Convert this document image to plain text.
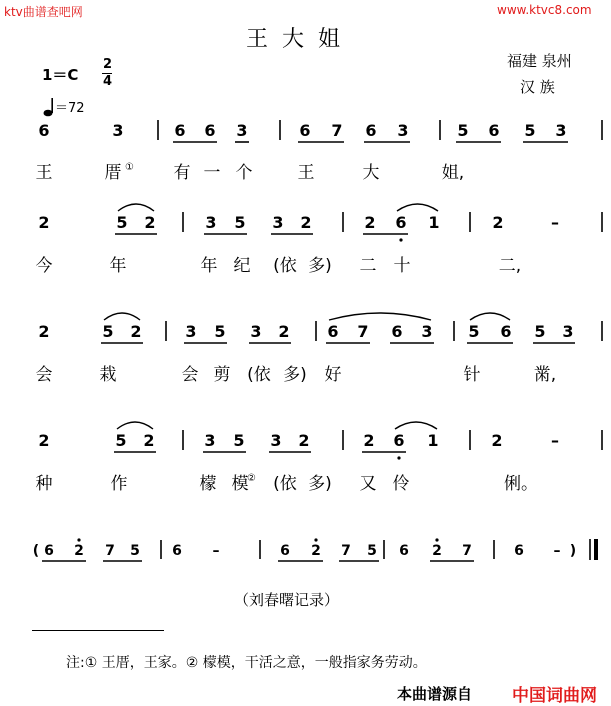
ktv曲谱查吧网	www.ktvc8.com
王大姐
福建 泉州
汉 族
1＝C
2
4
＝72
6	3	6 6 3	6 7 6 3	5 6 5 3
王	厝	有 一 个	王	大	姐,
①
2	5 2	3 5 3 2	2 6 1	2	–
今	年	年 纪 (依 多) 二 十	二,
2	5 2	3 5 3 2 6 7 6 3 5 6 5 3
会	栽	会 剪 (依 多) 好	针	黹,
2	5 2	3 5 3 2	2 6 1	2	–
种	作	檬 模 (依 多) 又 伶	俐。
②
( 6 2 7 5 6 –	6 2 7 5 6 2 7	6 – )
（刘春曙记录）
注:① 王厝，王家。② 檬模，干活之意，一般指家务劳动。
本曲谱源自 中国词曲网
